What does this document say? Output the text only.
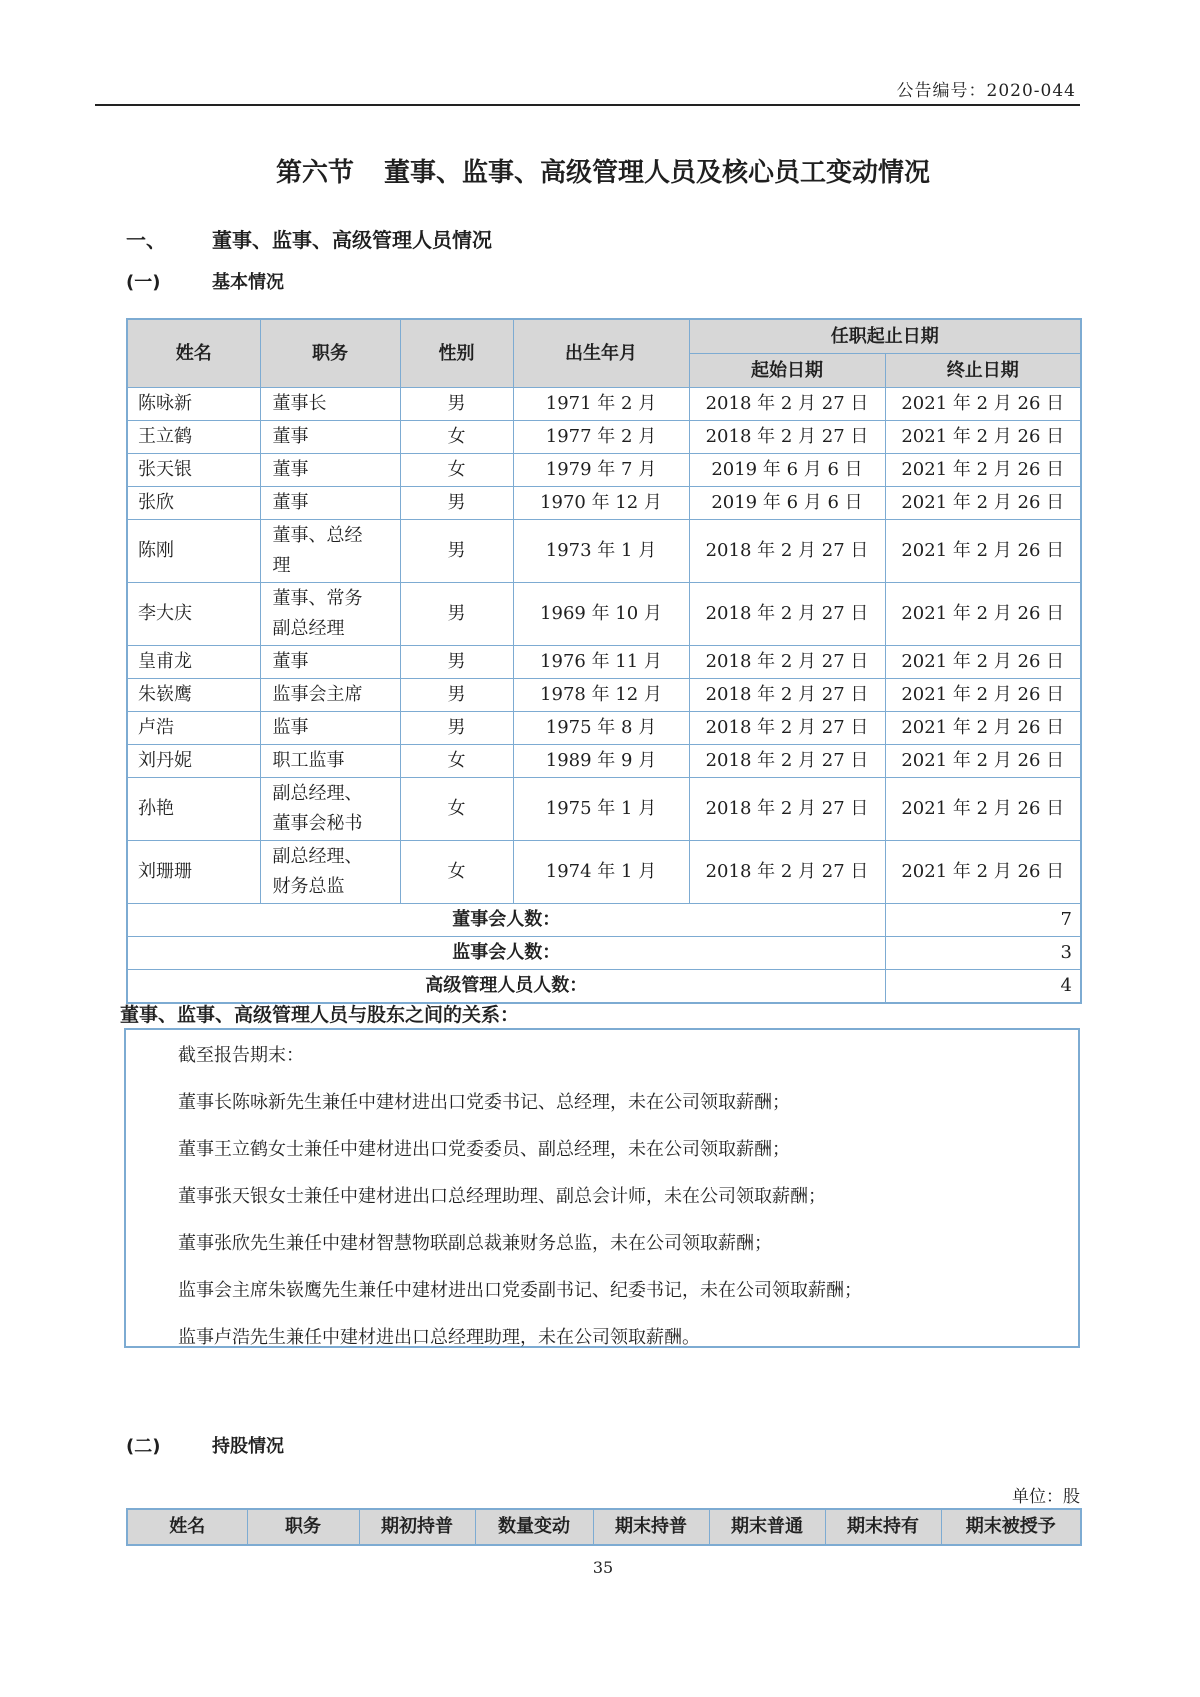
公告编号：2020-044
第六节 董事、监事、高级管理人员及核心员工变动情况
一、 董事、监事、高级管理人员情况
(一)	基本情况
姓名	职务	性别	出生年月	任职起止日期	
				起始日期	终止日期
陈咏新	董事长	男	1971 年 2 月	2018 年 2 月 27 日	2021 年 2 月 26 日
王立鹤	董事	女	1977 年 2 月	2018 年 2 月 27 日	2021 年 2 月 26 日
张天银	董事	女	1979 年 7 月	2019 年 6 月 6 日	2021 年 2 月 26 日
张欣	董事	男	1970 年 12 月	2019 年 6 月 6 日	2021 年 2 月 26 日
陈刚	董事、总经理	男	1973 年 1 月	2018 年 2 月 27 日	2021 年 2 月 26 日
李大庆	董事、常务副总经理	男	1969 年 10 月	2018 年 2 月 27 日	2021 年 2 月 26 日
皇甫龙	董事	男	1976 年 11 月	2018 年 2 月 27 日	2021 年 2 月 26 日
朱嵚鹰	监事会主席	男	1978 年 12 月	2018 年 2 月 27 日	2021 年 2 月 26 日
卢浩	监事	男	1975 年 8 月	2018 年 2 月 27 日	2021 年 2 月 26 日
刘丹妮	职工监事	女	1989 年 9 月	2018 年 2 月 27 日	2021 年 2 月 26 日
孙艳	副总经理、董事会秘书	女	1975 年 1 月	2018 年 2 月 27 日	2021 年 2 月 26 日
刘珊珊	副总经理、财务总监	女	1974 年 1 月	2018 年 2 月 27 日	2021 年 2 月 26 日
董事会人数：					7
监事会人数：					3
高级管理人员人数：					4
董事、监事、高级管理人员与股东之间的关系：

截至报告期末：

董事长陈咏新先生兼任中建材进出口党委书记、总经理，未在公司领取薪酬；

董事王立鹤女士兼任中建材进出口党委委员、副总经理，未在公司领取薪酬；

董事张天银女士兼任中建材进出口总经理助理、副总会计师，未在公司领取薪酬；

董事张欣先生兼任中建材智慧物联副总裁兼财务总监，未在公司领取薪酬；

监事会主席朱嵚鹰先生兼任中建材进出口党委副书记、纪委书记，未在公司领取薪酬；

监事卢浩先生兼任中建材进出口总经理助理，未在公司领取薪酬。

(二)	持股情况
单位：股
姓名	职务	期初持普	数量变动	期末持普	期末普通	期末持有	期末被授予
35
